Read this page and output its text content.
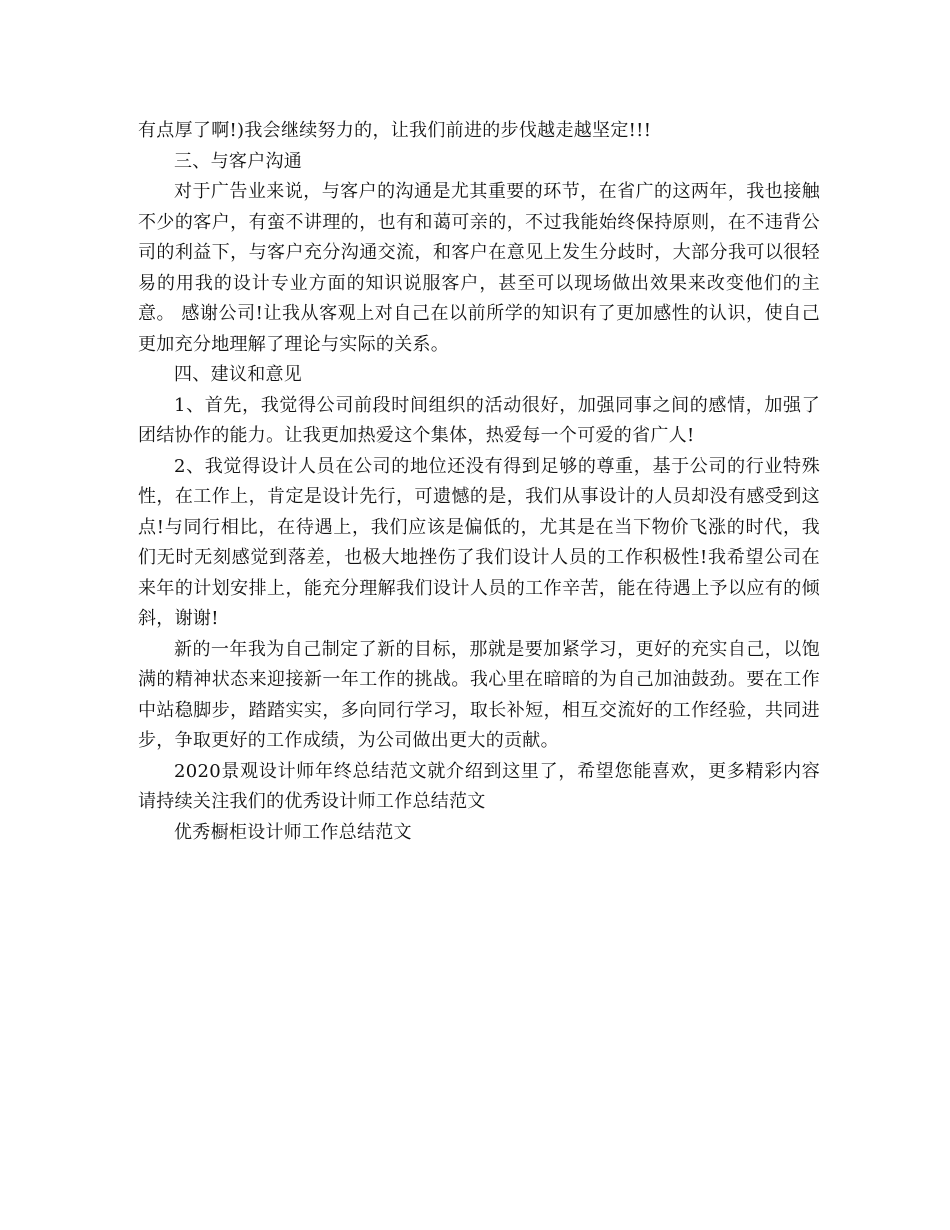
有点厚了啊!)我会继续努力的，让我们前进的步伐越走越坚定!!!

三、与客户沟通

对于广告业来说，与客户的沟通是尤其重要的环节，在省广的这两年，我也接触不少的客户，有蛮不讲理的，也有和蔼可亲的，不过我能始终保持原则，在不违背公司的利益下，与客户充分沟通交流，和客户在意见上发生分歧时，大部分我可以很轻易的用我的设计专业方面的知识说服客户，甚至可以现场做出效果来改变他们的主意。 感谢公司!让我从客观上对自己在以前所学的知识有了更加感性的认识，使自己更加充分地理解了理论与实际的关系。

四、建议和意见

1、首先，我觉得公司前段时间组织的活动很好，加强同事之间的感情，加强了团结协作的能力。让我更加热爱这个集体，热爱每一个可爱的省广人!

2、我觉得设计人员在公司的地位还没有得到足够的尊重，基于公司的行业特殊性，在工作上，肯定是设计先行，可遗憾的是，我们从事设计的人员却没有感受到这点!与同行相比，在待遇上，我们应该是偏低的，尤其是在当下物价飞涨的时代，我们无时无刻感觉到落差，也极大地挫伤了我们设计人员的工作积极性!我希望公司在来年的计划安排上，能充分理解我们设计人员的工作辛苦，能在待遇上予以应有的倾斜，谢谢!

新的一年我为自己制定了新的目标，那就是要加紧学习，更好的充实自己，以饱满的精神状态来迎接新一年工作的挑战。我心里在暗暗的为自己加油鼓劲。要在工作中站稳脚步，踏踏实实，多向同行学习，取长补短，相互交流好的工作经验，共同进步，争取更好的工作成绩，为公司做出更大的贡献。

2020景观设计师年终总结范文就介绍到这里了，希望您能喜欢，更多精彩内容请持续关注我们的优秀设计师工作总结范文

优秀橱柜设计师工作总结范文
